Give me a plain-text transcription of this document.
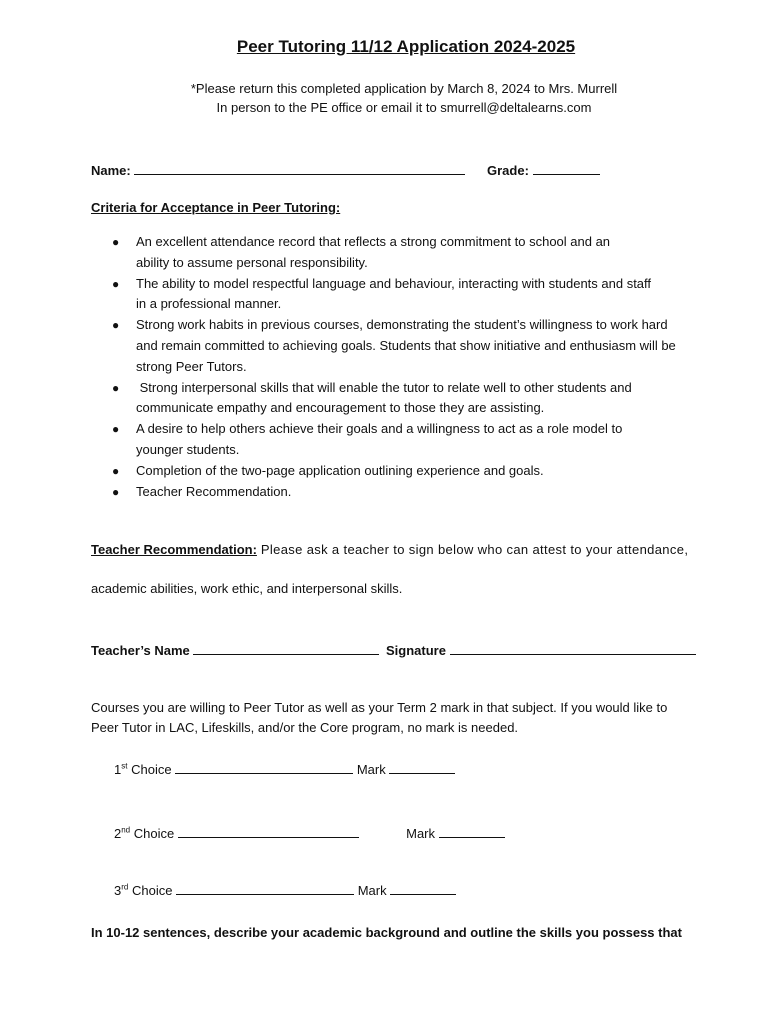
Peer Tutoring 11/12 Application 2024-2025
*Please return this completed application by March 8, 2024 to Mrs. Murrell
In person to the PE office or email it to smurrell@deltalearns.com
Name:	Grade:
Criteria for Acceptance in Peer Tutoring:
● An excellent attendance record that reflects a strong commitment to school and an
ability to assume personal responsibility.
● The ability to model respectful language and behaviour, interacting with students and staff
in a professional manner.
● Strong work habits in previous courses, demonstrating the student’s willingness to work hard
and remain committed to achieving goals. Students that show initiative and enthusiasm will be
strong Peer Tutors.
● Strong interpersonal skills that will enable the tutor to relate well to other students and
communicate empathy and encouragement to those they are assisting.
● A desire to help others achieve their goals and a willingness to act as a role model to
younger students.
● Completion of the two-page application outlining experience and goals.
● Teacher Recommendation.
Teacher Recommendation: Please ask a teacher to sign below who can attest to your attendance,
academic abilities, work ethic, and interpersonal skills.
Teacher’s Name	Signature
Courses you are willing to Peer Tutor as well as your Term 2 mark in that subject. If you would like to
Peer Tutor in LAC, Lifeskills, and/or the Core program, no mark is needed.
1st Choice	Mark
2nd Choice	Mark
3rd Choice	Mark
In 10-12 sentences, describe your academic background and outline the skills you possess that
